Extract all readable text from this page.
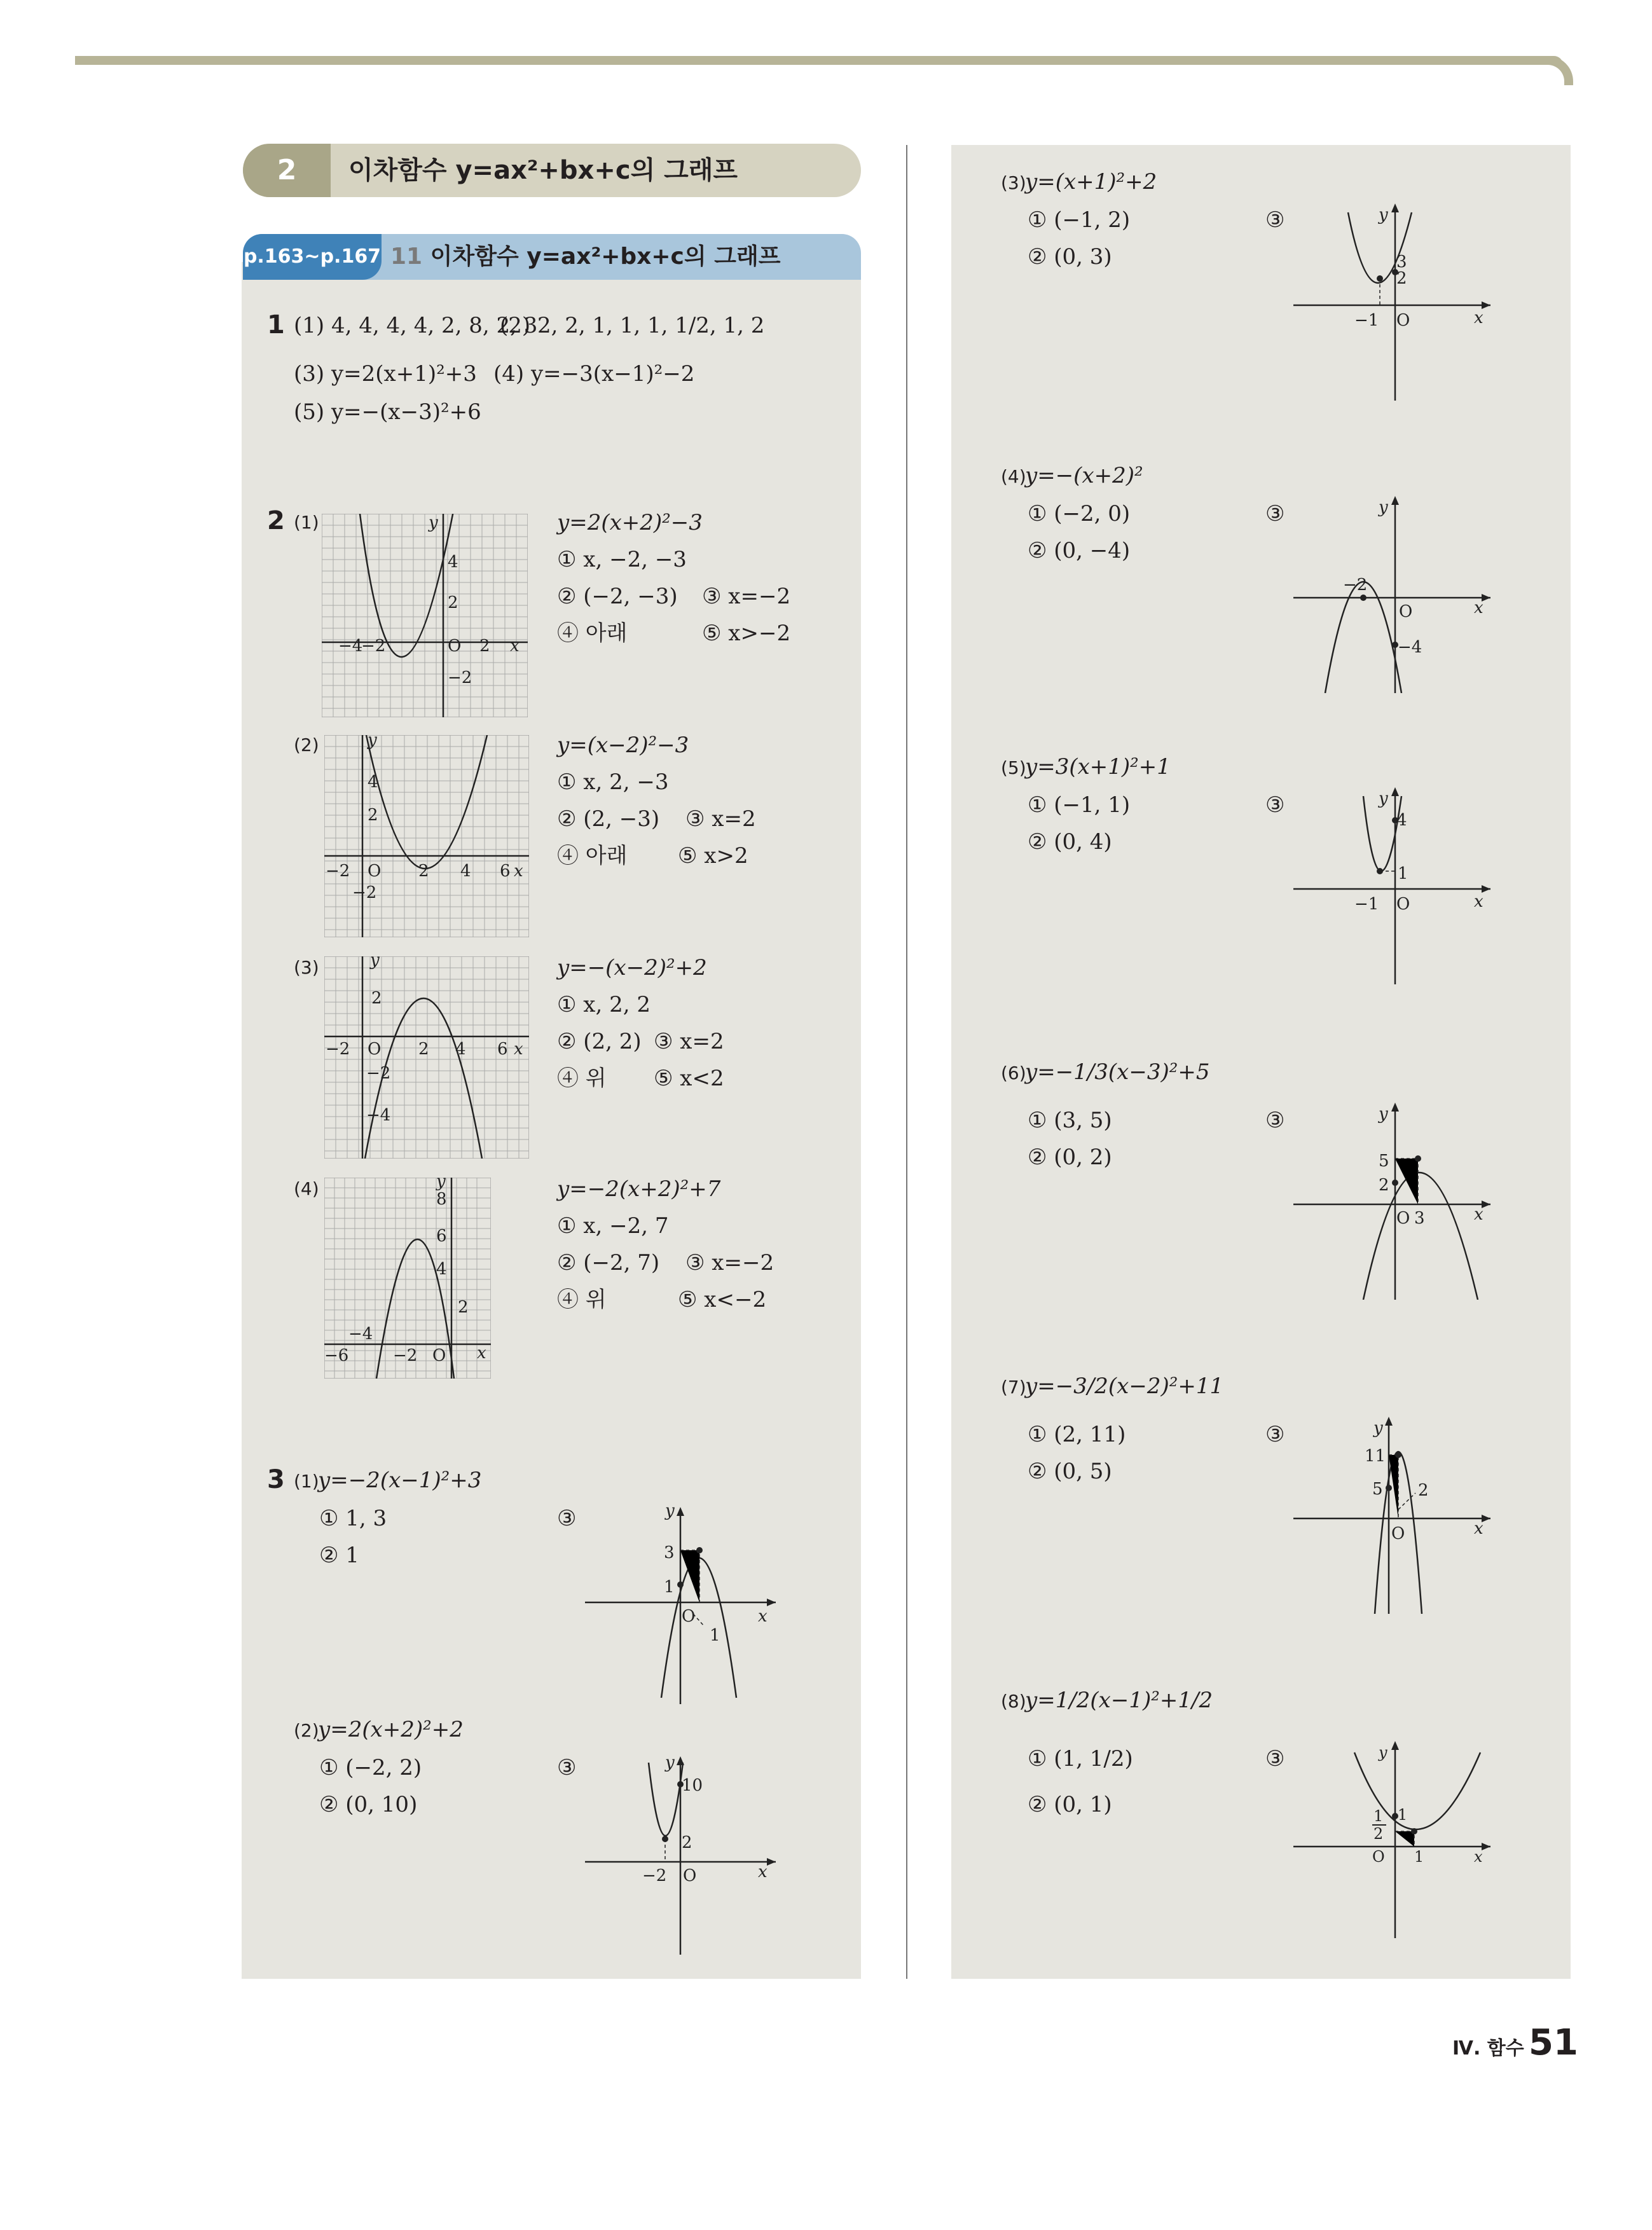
2	이차함수 y=ax²+bx+c의 그래프
p.163~p.167 11 이차함수 y=ax²+bx+c의 그래프
1 (1) 4, 4, 4, 4, 2, 8, 2, 3
(2) 2, 2, 1, 1, 1, 1/2, 1, 2
(3) y=2(x+1)²+3 (4) y=−3(x−1)²−2
(5) y=−(x−3)²+6
2 (1)
−4
−2	O 2 x
4
2
−2
y	y=2(x+2)²−3
① x, −2, −3
② (−2, −3) ③ x=−2
④ 아래	⑤ x>−2
(2)
−2 O 2 4 6 x
4
2
−2
y	y=(x−2)²−3
① x, 2, −3
② (2, −3) ③ x=2
④ 아래 ⑤ x>2
(3)
−2 O 2 4 6 x
2
−2
−4
y	y=−(x−2)²+2
① x, 2, 2
② (2, 2) ③ x=2
④ 위 ⑤ x<2
(4)
−6	−2 O x
8
6
4
2
−4
y	y=−2(x+2)²+7
① x, −2, 7
② (−2, 7) ③ x=−2
④ 위	⑤ x<−2
3 (1)
y=−2(x−1)²+3
① 1, 3
② 1
③
3
1
O
1
x
y
(2)
y=2(x+2)²+2
① (−2, 2)
② (0, 10)
③
10
2
−2 O	x
y
(3)
y=(x+1)²+2
① (−1, 2)
② (0, 3)
③
3
2
−1 O	x
y
(4)
y=−(x+2)²
① (−2, 0)
② (0, −4)
③
−2
O
−4
x
y
(5)
y=3(x+1)²+1
① (−1, 1)
② (0, 4)
③
4
1
−1 O	x
y
(6)
y=−1/3(x−3)²+5
① (3, 5)
② (0, 2)
③
5
2
O 3	x
y
(7)
y=−3/2(x−2)²+11
① (2, 11)
② (0, 5)
③
11
5 2
O	x
y
(8)
y=1/2(x−1)²+1/2
① (1, 1/2)
② (0, 1)
③
1
1
2
O 1	x
y
Ⅳ. 함수 51
